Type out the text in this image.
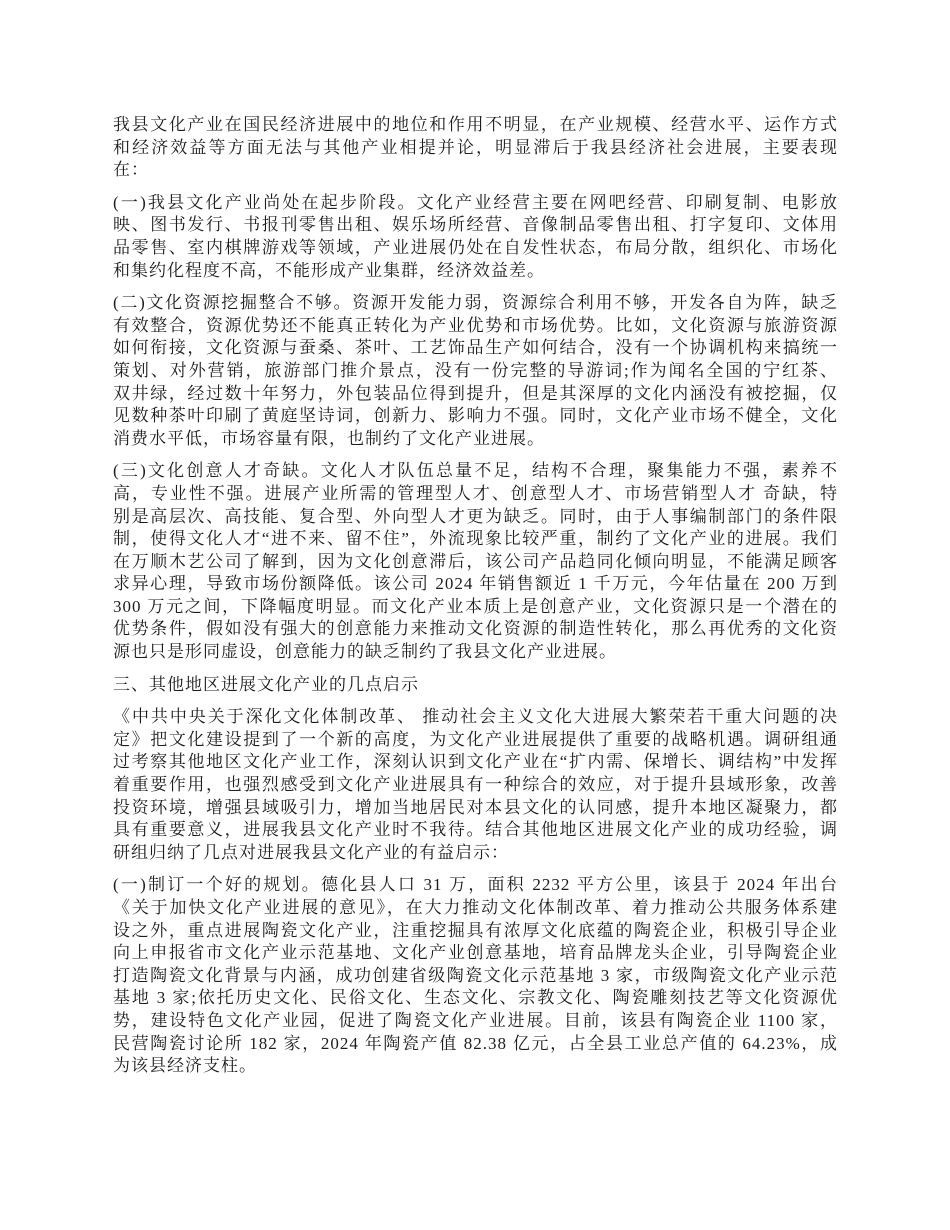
我县文化产业在国民经济进展中的地位和作用不明显，在产业规模、经营水平、运作方式
和经济效益等方面无法与其他产业相提并论，明显滞后于我县经济社会进展，主要表现
在：
(一)我县文化产业尚处在起步阶段。文化产业经营主要在网吧经营、印刷复制、电影放
映、图书发行、书报刊零售出租、娱乐场所经营、音像制品零售出租、打字复印、文体用
品零售、室内棋牌游戏等领域，产业进展仍处在自发性状态，布局分散，组织化、市场化
和集约化程度不高，不能形成产业集群，经济效益差。
(二)文化资源挖掘整合不够。资源开发能力弱，资源综合利用不够，开发各自为阵，缺乏
有效整合，资源优势还不能真正转化为产业优势和市场优势。比如，文化资源与旅游资源
如何衔接，文化资源与蚕桑、茶叶、工艺饰品生产如何结合，没有一个协调机构来搞统一
策划、对外营销，旅游部门推介景点，没有一份完整的导游词;作为闻名全国的宁红茶、
双井绿，经过数十年努力，外包装品位得到提升，但是其深厚的文化内涵没有被挖掘，仅
见数种茶叶印刷了黄庭坚诗词，创新力、影响力不强。同时，文化产业市场不健全，文化
消费水平低，市场容量有限，也制约了文化产业进展。
(三)文化创意人才奇缺。文化人才队伍总量不足，结构不合理，聚集能力不强，素养不
高，专业性不强。进展产业所需的管理型人才、创意型人才、市场营销型人才 奇缺，特
别是高层次、高技能、复合型、外向型人才更为缺乏。同时，由于人事编制部门的条件限
制，使得文化人才“进不来、留不住”，外流现象比较严重，制约了文化产业的进展。我们
在万顺木艺公司了解到，因为文化创意滞后，该公司产品趋同化倾向明显，不能满足顾客
求异心理，导致市场份额降低。该公司 2024 年销售额近 1 千万元，今年估量在 200 万到
300 万元之间，下降幅度明显。而文化产业本质上是创意产业，文化资源只是一个潜在的
优势条件，假如没有强大的创意能力来推动文化资源的制造性转化，那么再优秀的文化资
源也只是形同虚设，创意能力的缺乏制约了我县文化产业进展。
三、其他地区进展文化产业的几点启示
《中共中央关于深化文化体制改革、 推动社会主义文化大进展大繁荣若干重大问题的决
定》把文化建设提到了一个新的高度，为文化产业进展提供了重要的战略机遇。调研组通
过考察其他地区文化产业工作，深刻认识到文化产业在“扩内需、保增长、调结构”中发挥
着重要作用，也强烈感受到文化产业进展具有一种综合的效应，对于提升县域形象，改善
投资环境，增强县域吸引力，增加当地居民对本县文化的认同感，提升本地区凝聚力，都
具有重要意义，进展我县文化产业时不我待。结合其他地区进展文化产业的成功经验，调
研组归纳了几点对进展我县文化产业的有益启示：
(一)制订一个好的规划。德化县人口 31 万，面积 2232 平方公里，该县于 2024 年出台
《关于加快文化产业进展的意见》，在大力推动文化体制改革、着力推动公共服务体系建
设之外，重点进展陶瓷文化产业，注重挖掘具有浓厚文化底蕴的陶瓷企业，积极引导企业
向上申报省市文化产业示范基地、文化产业创意基地，培育品牌龙头企业，引导陶瓷企业
打造陶瓷文化背景与内涵，成功创建省级陶瓷文化示范基地 3 家，市级陶瓷文化产业示范
基地 3 家;依托历史文化、民俗文化、生态文化、宗教文化、陶瓷雕刻技艺等文化资源优
势，建设特色文化产业园，促进了陶瓷文化产业进展。目前，该县有陶瓷企业 1100 家，
民营陶瓷讨论所 182 家，2024 年陶瓷产值 82.38 亿元，占全县工业总产值的 64.23%，成
为该县经济支柱。
